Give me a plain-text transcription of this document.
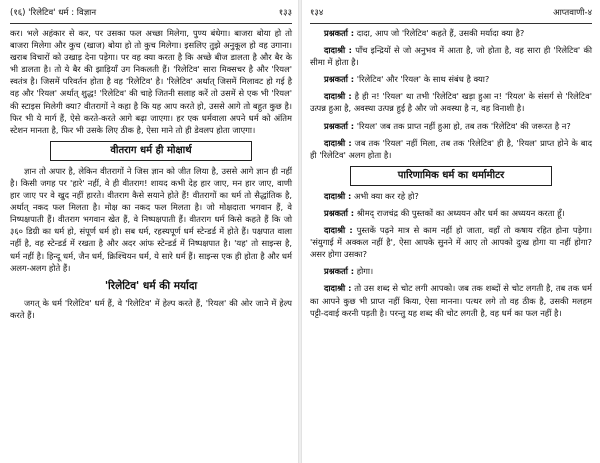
(१६) 'रिलेटिव' धर्म : विज्ञान	१३३

कर। भले अहंकार से कर, पर उसका फल अच्छा मिलेगा, पुण्य बंधेगा। बाजरा बोया हो तो बाजरा मिलेगा और कुच (खाज) बोया हो तो कुच मिलेगा। इसलिए तुझे अनुकूल हो वह उगाना। खराब विचारों को उखाड़ देना पड़ेगा। पर वह क्या करता है कि अच्छे बीज डालता है और बैर के भी डालता है। तो ये बैर की झाड़ियाँ उग निकलती हैं। 'रिलेटिव' सारा मिक्सचर है और 'रियल' स्वतंत्र है। जिसमें परिवर्तन होता है वह 'रिलेटिव' है। 'रिलेटिव' अर्थात् जिसमें मिलावट हो गई है वह और 'रियल' अर्थात् शुद्ध! 'रिलेटिव' की चाहे जितनी सलाह करें तो उसमें से एक भी 'रियल' की स्टाइस मिलेगी क्या? वीतरागों ने कहा है कि यह आप करते हो, उससे आगे तो बहुत कुछ है। फिर भी ये मार्ग हैं, ऐसे करते-करते आगे बढ़ा जाएगा। हर एक धर्मवाला अपने धर्म को अंतिम स्टेशन मानता है, फिर भी उसके लिए ठीक है, ऐसा माने तो ही डेवलप होता जाएगा।

वीतराग धर्म ही मोक्षार्थ

ज्ञान तो अपार है, लेकिन वीतरागों ने जिस ज्ञान को जीत लिया है, उससे आगे ज्ञान ही नहीं है। किसी जगह पर 'हारे' नहीं, वे ही वीतराग! शायद कभी देह हार जाए, मन हार जाए, वाणी हार जाए पर वे खुद नहीं हारते। वीतराग कैसे सयाने होते हैं! वीतरागों का धर्म तो सैद्धांतिक है, अर्थात् नकद फल मिलता है। मोक्ष का नकद फल मिलता है। जो मोक्षदाता भगवान हैं, वे निष्पक्षपाती हैं। वीतराग भगवान खेत हैं, वे निष्पक्षपाती हैं। वीतराग धर्म किसे कहते हैं कि जो ३६० डिग्री का धर्म हो, संपूर्ण धर्म हो। सब धर्म, रहस्यपूर्ण धर्म स्टेन्डर्ड में होते हैं। पक्षपात वाला नहीं है, वह स्टेन्डर्ड में रखता है और अदर आंफ स्टेन्डर्ड में निष्पक्षपात है। 'यह' तो साइन्स है, धर्म नहीं है। हिन्दू धर्म, जैन धर्म, क्रिश्चियन धर्म, ये सारे धर्म हैं। साइन्स एक ही होता है और धर्म अलग-अलग होते हैं।

'रिलेटिव' धर्म की मर्यादा

जगत् के धर्म 'रिलेटिव' धर्म हैं, वे 'रिलेटिव' में हेल्प करते हैं, 'रियल' की ओर जाने में हेल्प करते हैं।

१३४	आप्तवाणी-४

प्रश्नकर्ता : दादा, आप जो 'रिलेटिव' कहते हैं, उसकी मर्यादा क्या है?

दादाश्री : पाँच इन्द्रियों से जो अनुभव में आता है, जो होता है, वह सारा ही 'रिलेटिव' की सीमा में होता है।

प्रश्नकर्ता : 'रिलेटिव' और 'रियल' के साथ संबंध है क्या?

दादाश्री : है ही न! 'रियल' था तभी 'रिलेटिव' खड़ा हुआ न! 'रियल' के संसर्ग से 'रिलेटिव' उत्पन्न हुआ है, अवस्था उत्पन्न हुई है और जो अवस्था है न, वह विनाशी है।

प्रश्नकर्ता : 'रियल' जब तक प्राप्त नहीं हुआ हो, तब तक 'रिलेटिव' की जरूरत है न?

दादाश्री : जब तक 'रियल' नहीं मिला, तब तक 'रिलेटिव' ही है, 'रियल' प्राप्त होने के बाद ही 'रिलेटिव' अलग होता है।

पारिणामिक धर्म का थर्मामीटर

दादाश्री : अभी क्या कर रहे हो?

प्रश्नकर्ता : श्रीमद् राजचंद्र की पुस्तकों का अध्ययन और धर्म का अध्ययन करता हूँ।

दादाश्री : पुस्तकें पढ़ने मात्र से काम नहीं हो जाता, वहाँ तो कषाय रहित होना पड़ेगा। 'संयुगाई में अक्कल नहीं है', ऐसा आपके सुनने में आए तो आपको दुःख होगा या नहीं होगा? असर होगा उसका?

प्रश्नकर्ता : होगा।

दादाश्री : तो उस शब्द से चोट लगी आपको। जब तक शब्दों से चोट लगती है, तब तक धर्म का आपने कुछ भी प्राप्त नहीं किया, ऐसा मानना। पत्थर लगे तो वह ठीक है, उसकी मलहम पट्टी-दवाई करनी पड़ती है। परन्तु यह शब्द की चोट लगती है, वह धर्म का फल नहीं है।
